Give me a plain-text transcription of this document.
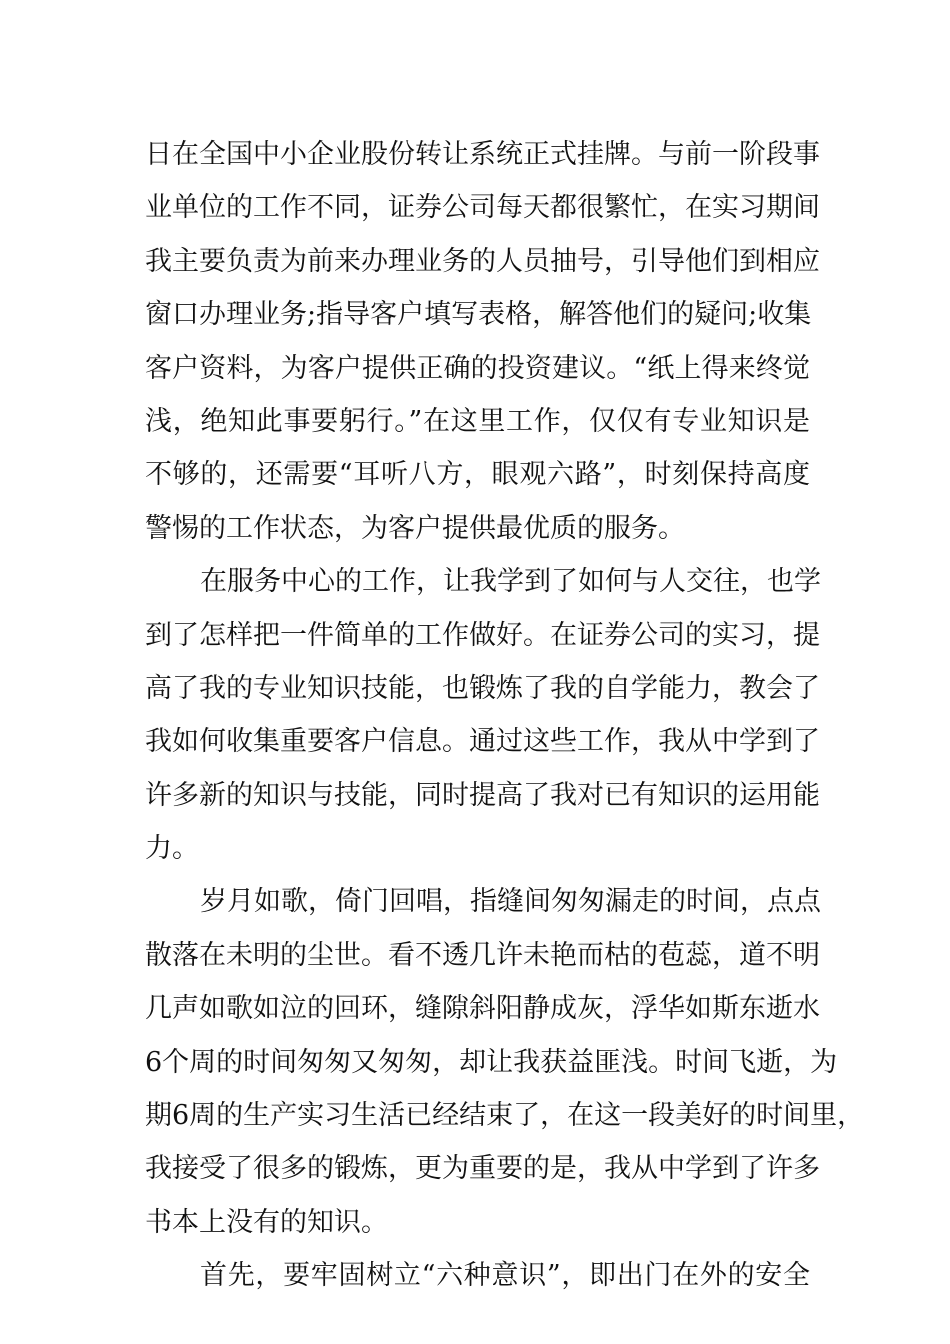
日在全国中小企业股份转让系统正式挂牌。与前一阶段事
业单位的工作不同，证券公司每天都很繁忙，在实习期间
我主要负责为前来办理业务的人员抽号，引导他们到相应
窗口办理业务;指导客户填写表格，解答他们的疑问;收集
客户资料，为客户提供正确的投资建议。“纸上得来终觉
浅，绝知此事要躬行。”在这里工作，仅仅有专业知识是
不够的，还需要“耳听八方，眼观六路”，时刻保持高度
警惕的工作状态，为客户提供最优质的服务。
在服务中心的工作，让我学到了如何与人交往，也学
到了怎样把一件简单的工作做好。在证券公司的实习，提
高了我的专业知识技能，也锻炼了我的自学能力，教会了
我如何收集重要客户信息。通过这些工作，我从中学到了
许多新的知识与技能，同时提高了我对已有知识的运用能
力。
岁月如歌，倚门回唱，指缝间匆匆漏走的时间，点点
散落在未明的尘世。看不透几许未艳而枯的苞蕊，道不明
几声如歌如泣的回环，缝隙斜阳静成灰，浮华如斯东逝水
6个周的时间匆匆又匆匆，却让我获益匪浅。时间飞逝，为
期6周的生产实习生活已经结束了，在这一段美好的时间里，
我接受了很多的锻炼，更为重要的是，我从中学到了许多
书本上没有的知识。
首先，要牢固树立“六种意识”，即出门在外的安全
